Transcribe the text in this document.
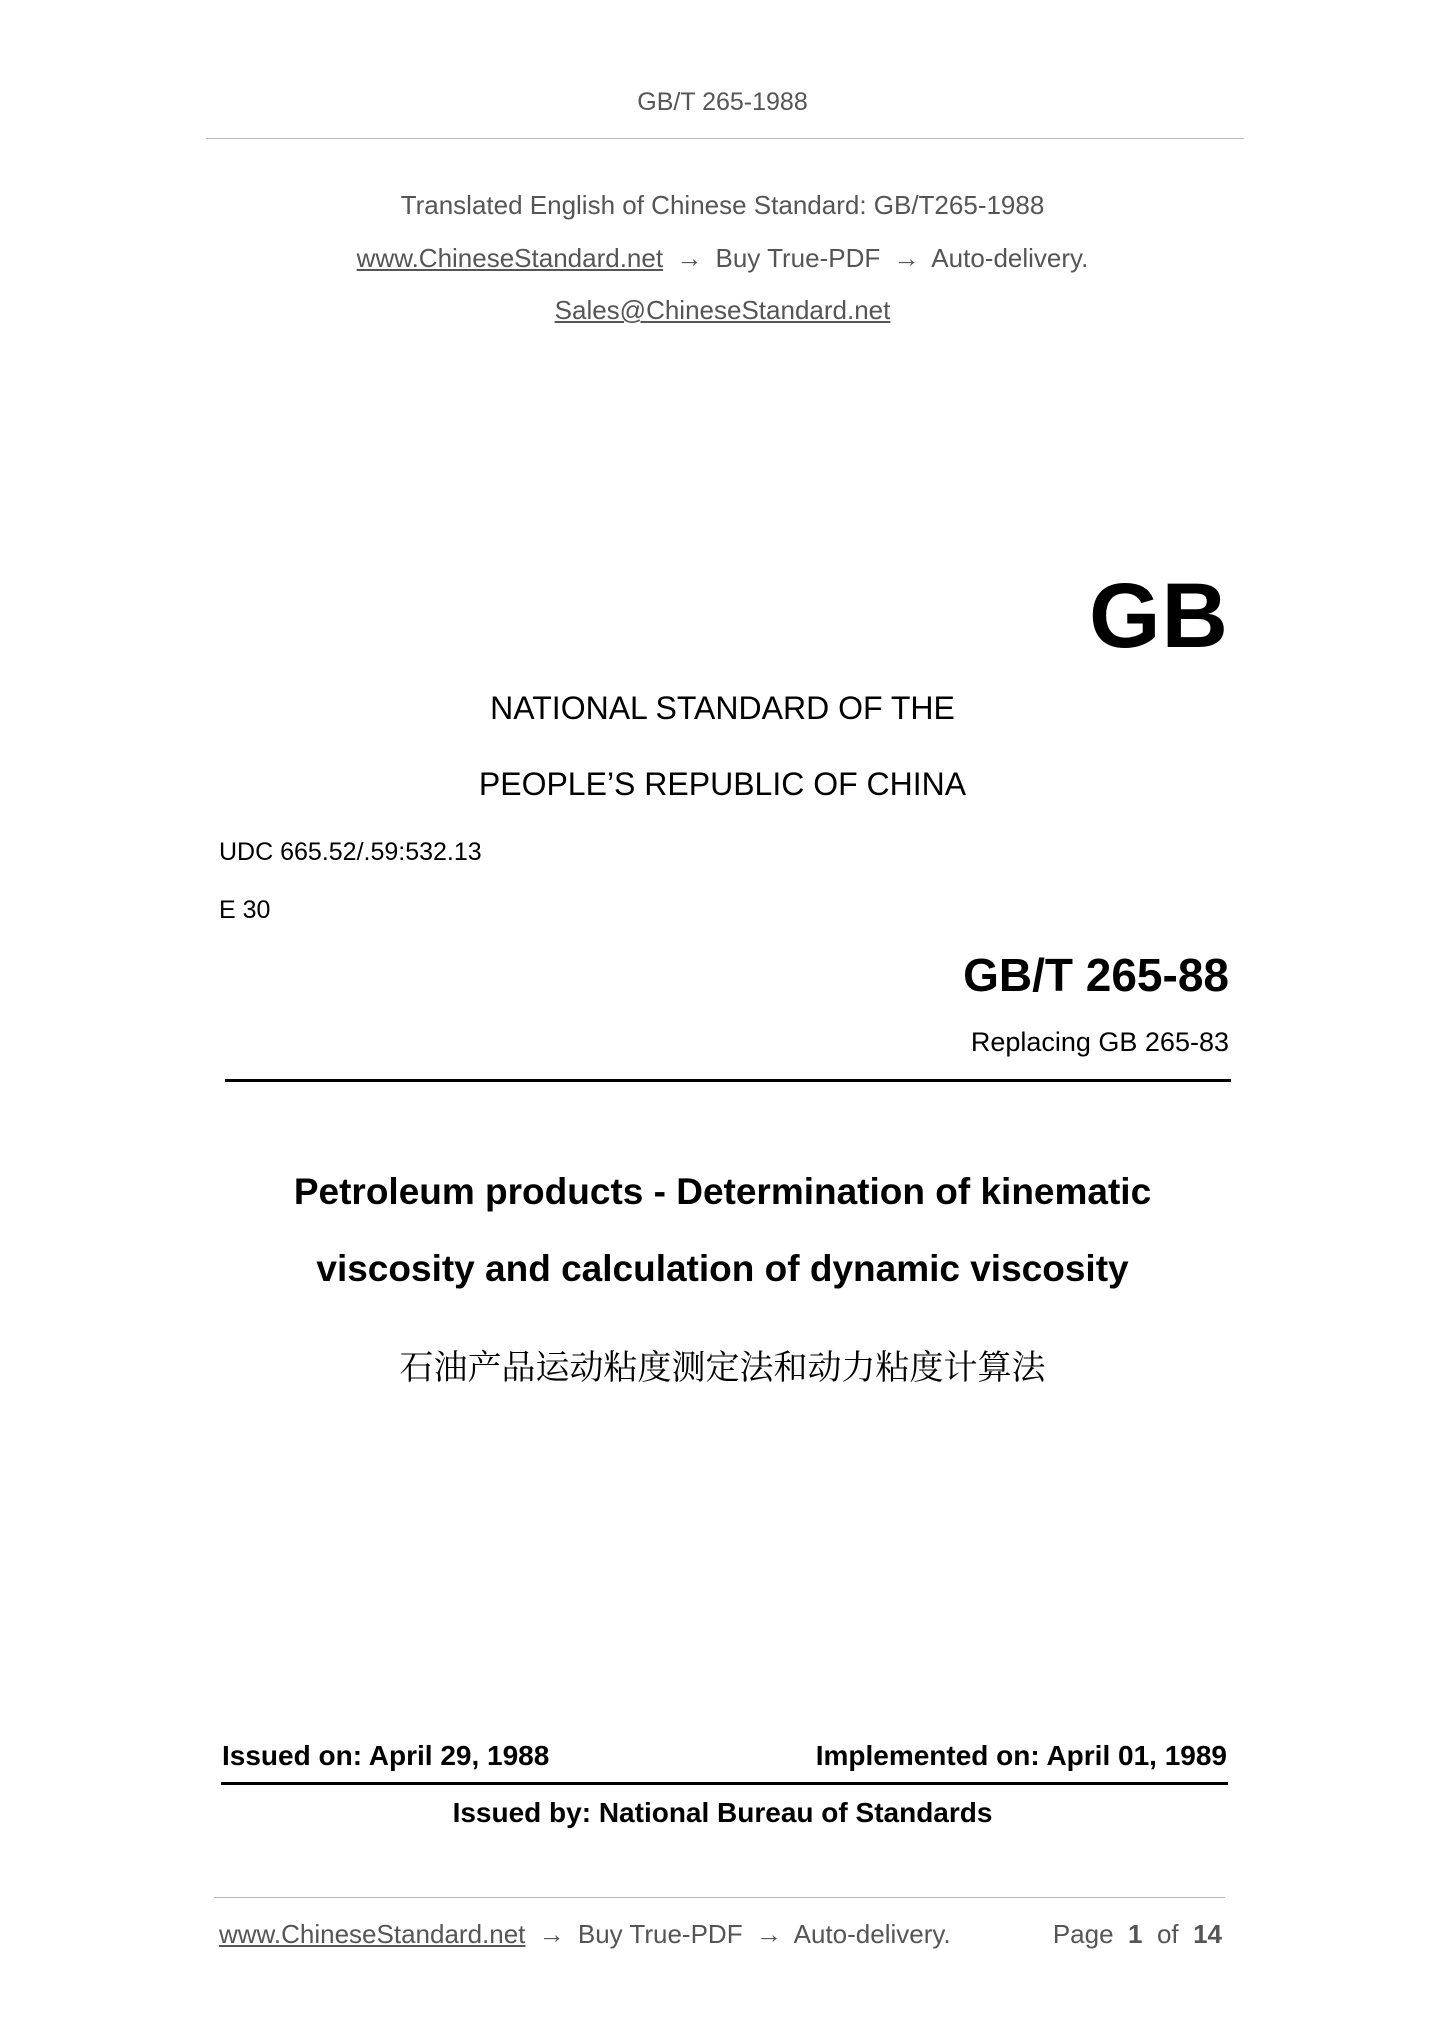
GB/T 265-1988
Translated English of Chinese Standard: GB/T265-1988
www.ChineseStandard.net → Buy True-PDF → Auto-delivery.
Sales@ChineseStandard.net
GB
NATIONAL STANDARD OF THE
PEOPLE’S REPUBLIC OF CHINA
UDC 665.52/.59:532.13
E 30
GB/T 265-88
Replacing GB 265-83
Petroleum products - Determination of kinematic
viscosity and calculation of dynamic viscosity
石油产品运动粘度测定法和动力粘度计算法
Issued on: April 29, 1988	Implemented on: April 01, 1989
Issued by: National Bureau of Standards
www.ChineseStandard.net → Buy True-PDF → Auto-delivery.	Page 1 of 14
